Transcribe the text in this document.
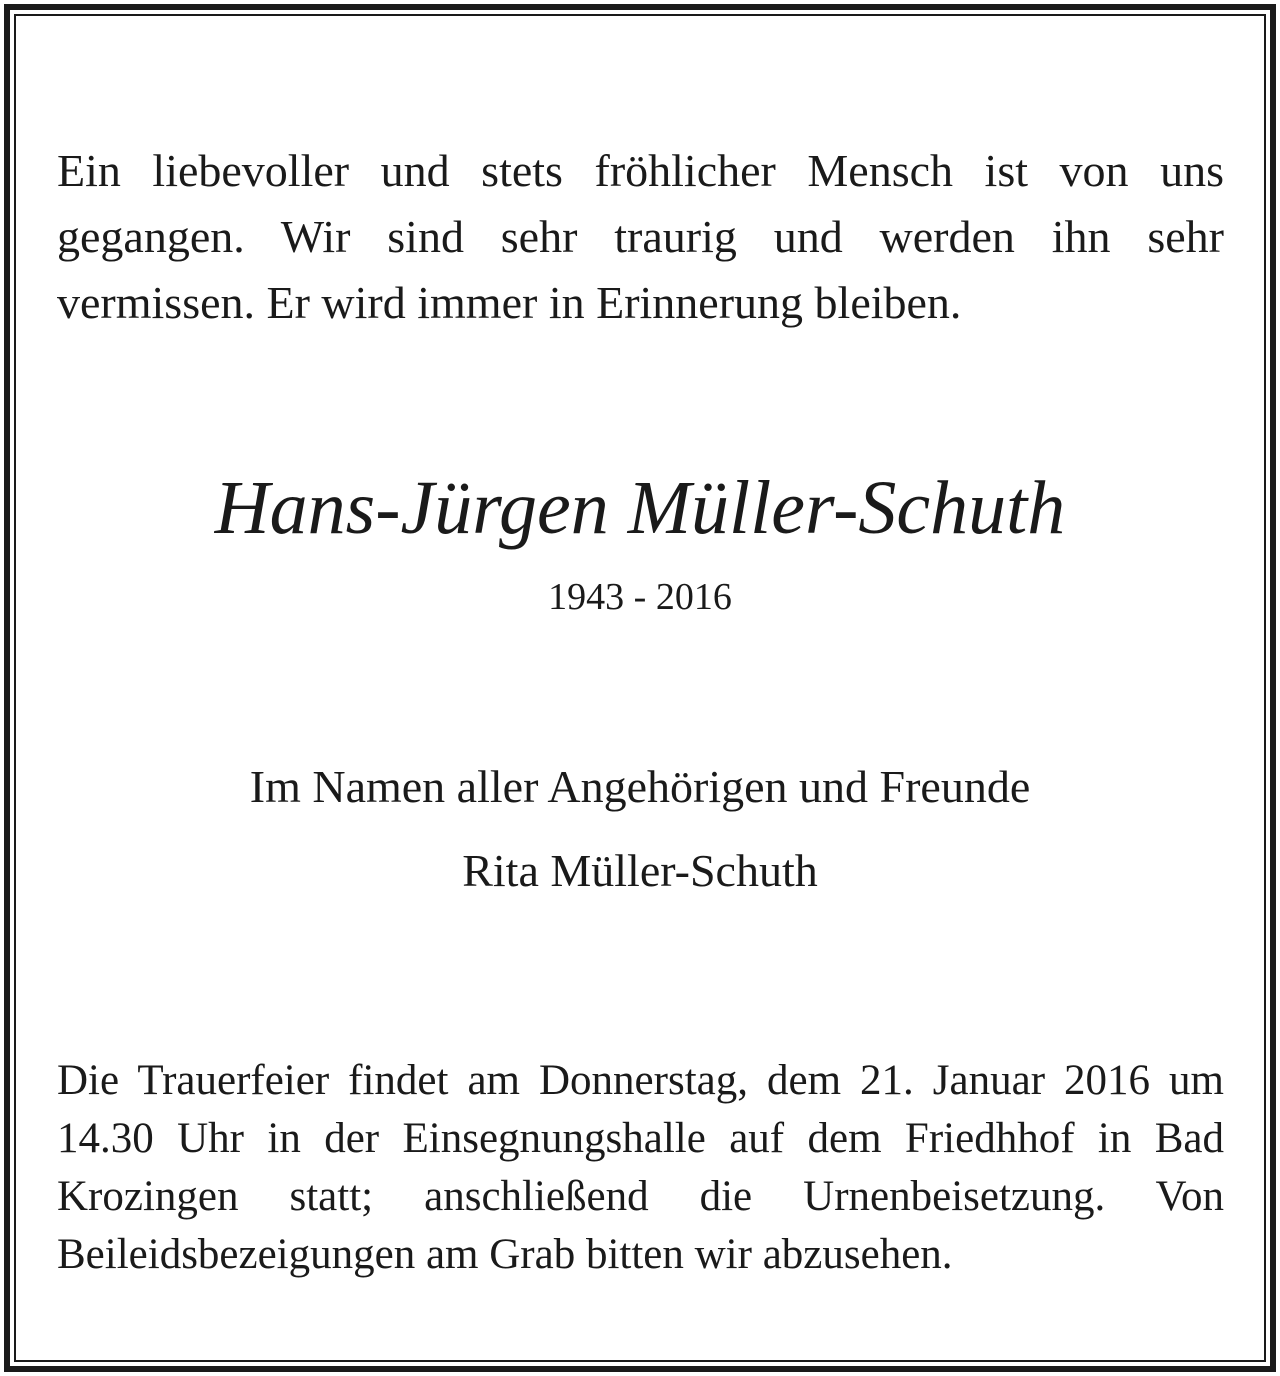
Ein liebevoller und stets fröhlicher Mensch ist von uns gegangen. Wir sind sehr traurig und werden ihn sehr vermissen. Er wird immer in Erinnerung bleiben.

Hans-Jürgen Müller-Schuth
1943 - 2016
Im Namen aller Angehörigen und Freunde
Rita Müller-Schuth

Die Trauerfeier findet am Donnerstag, dem 21. Januar 2016 um 14.30 Uhr in der Einsegnungshalle auf dem Friedhhof in Bad Krozingen statt; anschließend die Urnenbeisetzung. Von Beileidsbezeigungen am Grab bitten wir abzusehen.
